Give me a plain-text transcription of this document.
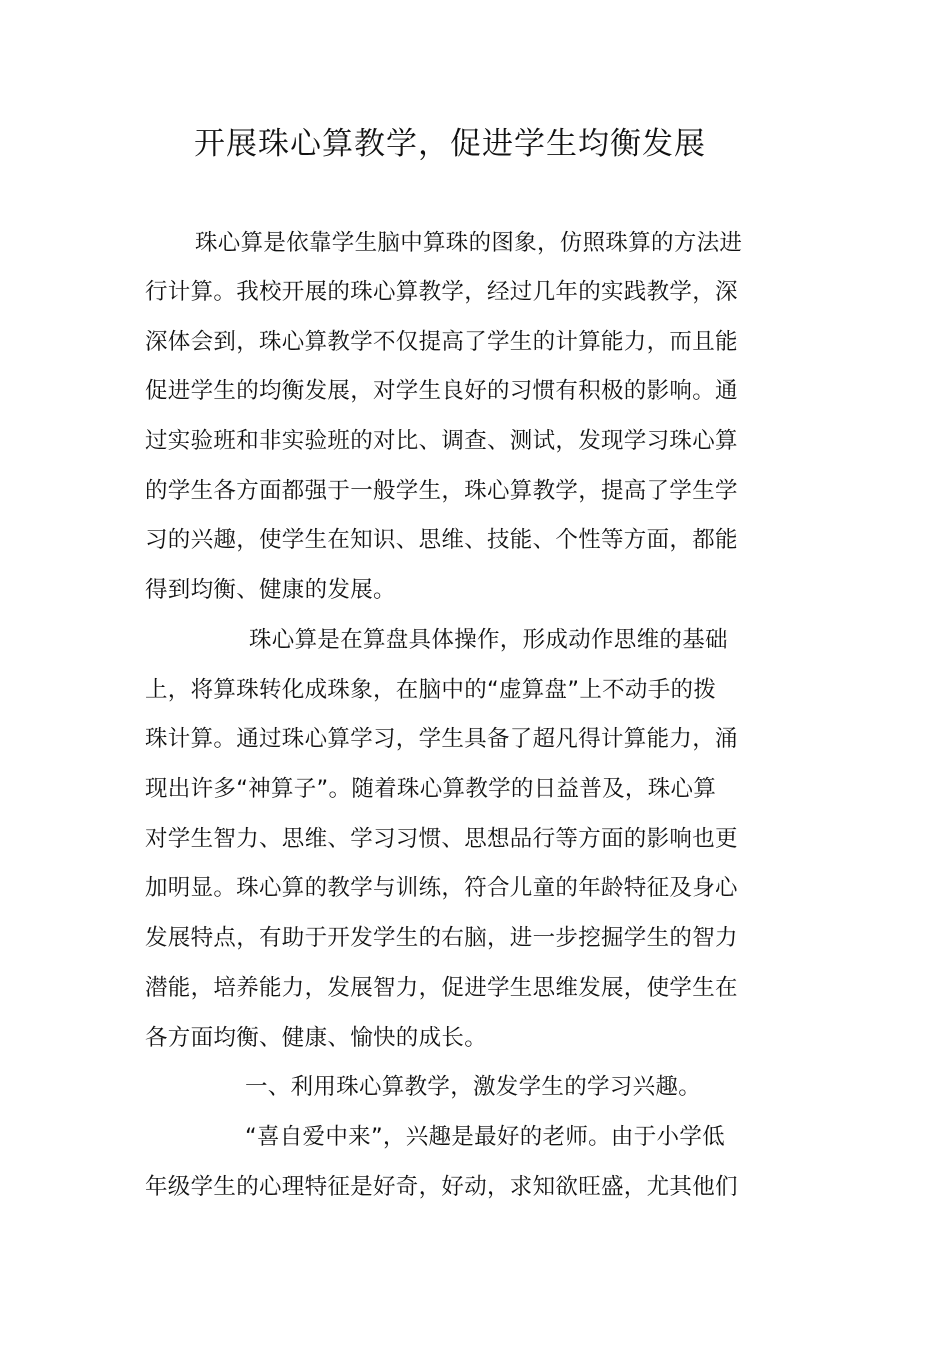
开展珠心算教学，促进学生均衡发展
珠心算是依靠学生脑中算珠的图象，仿照珠算的方法进
行计算。我校开展的珠心算教学，经过几年的实践教学，深
深体会到，珠心算教学不仅提高了学生的计算能力，而且能
促进学生的均衡发展，对学生良好的习惯有积极的影响。通
过实验班和非实验班的对比、调查、测试，发现学习珠心算
的学生各方面都强于一般学生，珠心算教学，提高了学生学
习的兴趣，使学生在知识、思维、技能、个性等方面，都能
得到均衡、健康的发展。
珠心算是在算盘具体操作，形成动作思维的基础
上，将算珠转化成珠象，在脑中的“虚算盘”上不动手的拨
珠计算。通过珠心算学习，学生具备了超凡得计算能力，涌
现出许多“神算子”。随着珠心算教学的日益普及，珠心算
对学生智力、思维、学习习惯、思想品行等方面的影响也更
加明显。珠心算的教学与训练，符合儿童的年龄特征及身心
发展特点，有助于开发学生的右脑，进一步挖掘学生的智力
潜能，培养能力，发展智力，促进学生思维发展，使学生在
各方面均衡、健康、愉快的成长。
一、利用珠心算教学，激发学生的学习兴趣。
“喜自爱中来”，兴趣是最好的老师。由于小学低
年级学生的心理特征是好奇，好动，求知欲旺盛，尤其他们
